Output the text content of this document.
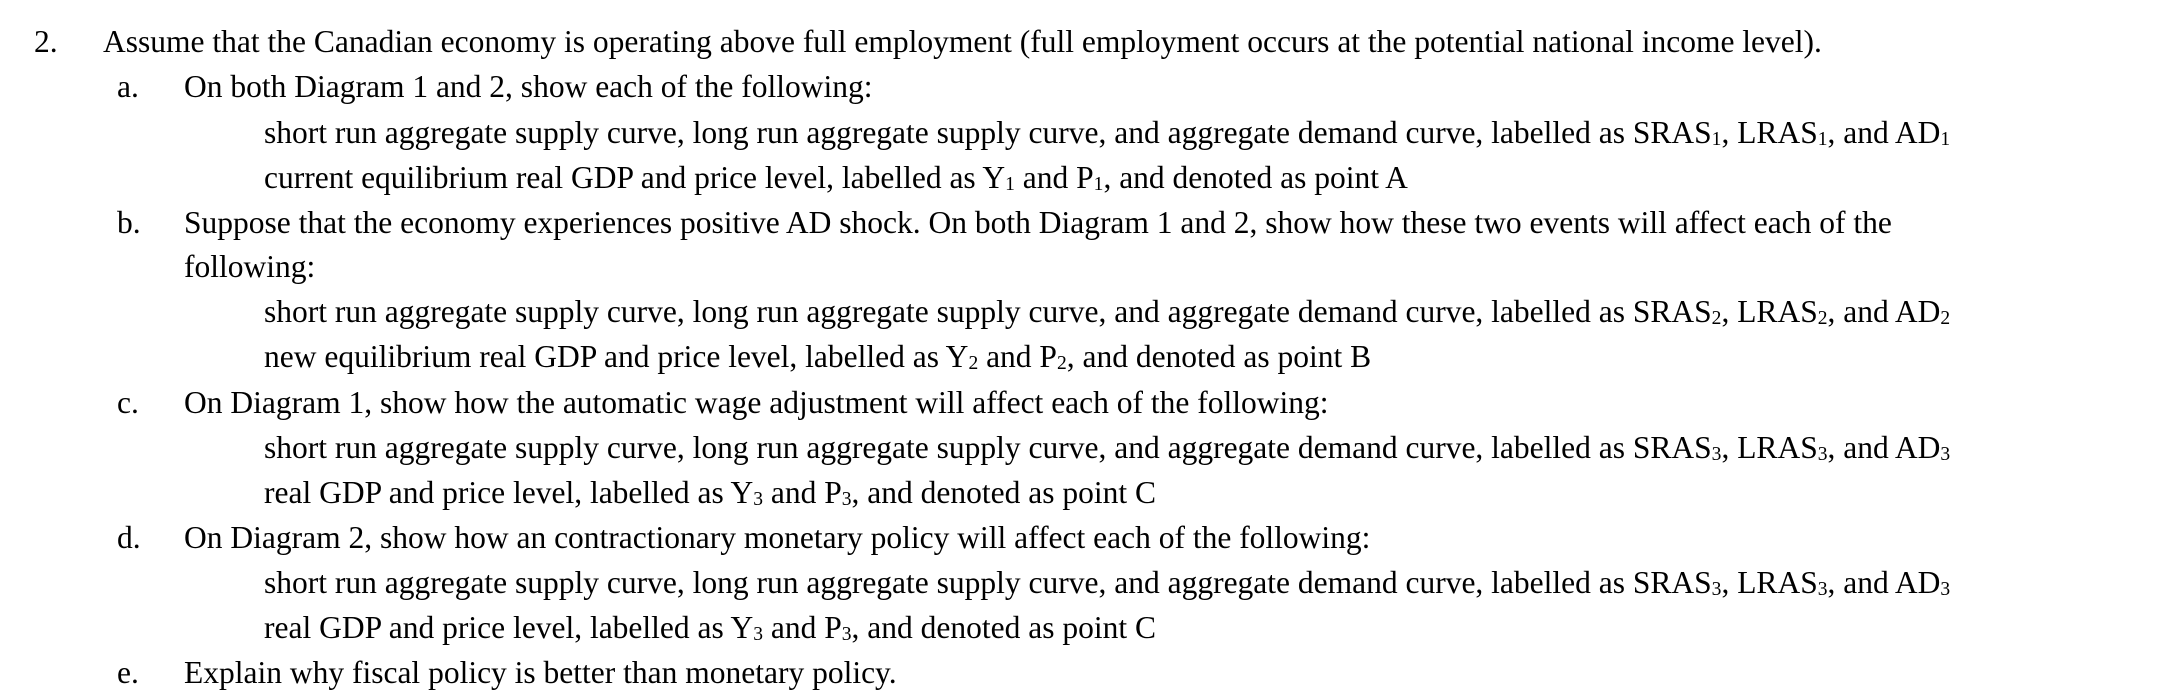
2. Assume that the Canadian economy is operating above full employment (full employment occurs at the potential national income level).
a. On both Diagram 1 and 2, show each of the following:
short run aggregate supply curve, long run aggregate supply curve, and aggregate demand curve, labelled as $SRAS_1$, $LRAS_1$, and $AD_1$
current equilibrium real GDP and price level, labelled as $Y_1$ and $P_1$, and denoted as point A
b. Suppose that the economy experiences positive AD shock. On both Diagram 1 and 2, show how these two events will affect each of the
following:
short run aggregate supply curve, long run aggregate supply curve, and aggregate demand curve, labelled as $SRAS_2$, $LRAS_2$, and $AD_2$
new equilibrium real GDP and price level, labelled as $Y_2$ and $P_2$, and denoted as point B
c. On Diagram 1, show how the automatic wage adjustment will affect each of the following:
short run aggregate supply curve, long run aggregate supply curve, and aggregate demand curve, labelled as $SRAS_3$, $LRAS_3$, and $AD_3$
real GDP and price level, labelled as $Y_3$ and $P_3$, and denoted as point C
d. On Diagram 2, show how an contractionary monetary policy will affect each of the following:
short run aggregate supply curve, long run aggregate supply curve, and aggregate demand curve, labelled as $SRAS_3$, $LRAS_3$, and $AD_3$
real GDP and price level, labelled as $Y_3$ and $P_3$, and denoted as point C
e. Explain why fiscal policy is better than monetary policy.
